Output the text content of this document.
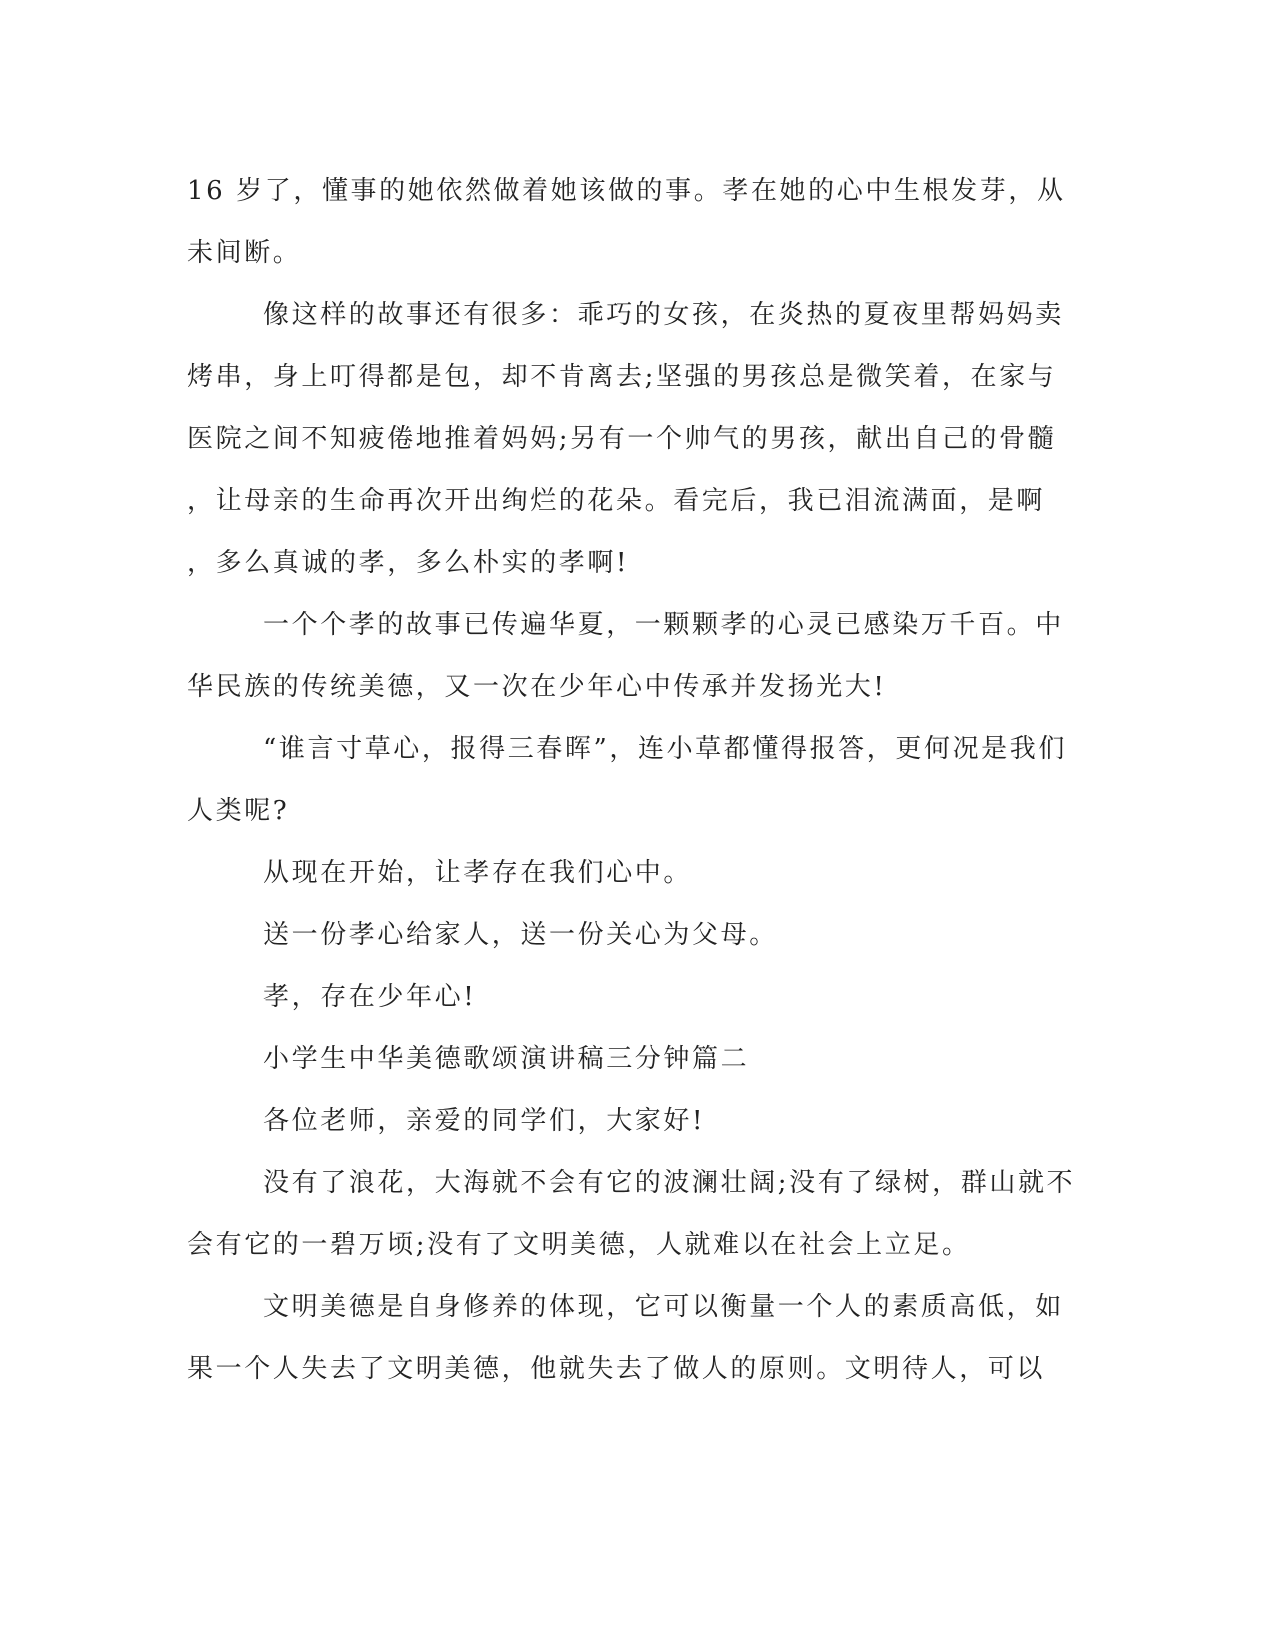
16 岁了，懂事的她依然做着她该做的事。孝在她的心中生根发芽，从
未间断。
像这样的故事还有很多：乖巧的女孩，在炎热的夏夜里帮妈妈卖
烤串，身上叮得都是包，却不肯离去;坚强的男孩总是微笑着，在家与
医院之间不知疲倦地推着妈妈;另有一个帅气的男孩，献出自己的骨髓
，让母亲的生命再次开出绚烂的花朵。看完后，我已泪流满面，是啊
，多么真诚的孝，多么朴实的孝啊!
一个个孝的故事已传遍华夏，一颗颗孝的心灵已感染万千百。中
华民族的传统美德，又一次在少年心中传承并发扬光大!
“谁言寸草心，报得三春晖”，连小草都懂得报答，更何况是我们
人类呢?
从现在开始，让孝存在我们心中。
送一份孝心给家人，送一份关心为父母。
孝，存在少年心!
小学生中华美德歌颂演讲稿三分钟篇二
各位老师，亲爱的同学们，大家好!
没有了浪花，大海就不会有它的波澜壮阔;没有了绿树，群山就不
会有它的一碧万顷;没有了文明美德，人就难以在社会上立足。
文明美德是自身修养的体现，它可以衡量一个人的素质高低，如
果一个人失去了文明美德，他就失去了做人的原则。文明待人，可以
